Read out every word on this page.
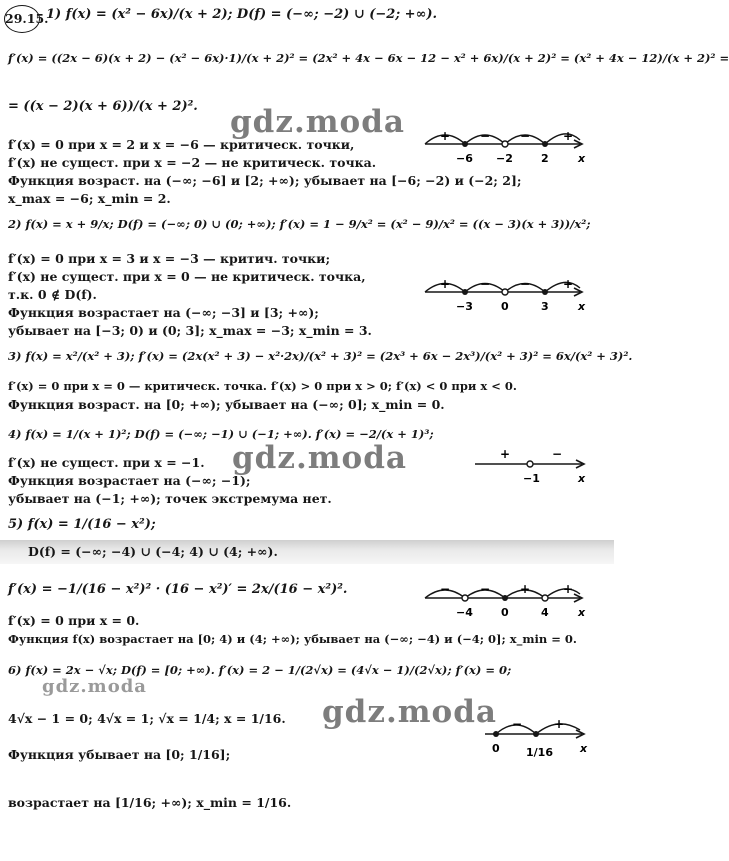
29.15.
1) f(x) = (x² − 6x)/(x + 2); D(f) = (−∞; −2) ∪ (−2; +∞).
f′(x) = ((2x − 6)(x + 2) − (x² − 6x)·1)/(x + 2)² = (2x² + 4x − 6x − 12 − x² + 6x)/(x + 2)² = (x² + 4x − 12)/(x + 2)² =
= ((x − 2)(x + 6))/(x + 2)².
f′(x) = 0 при x = 2 и x = −6 — критическ. точки,
f′(x) не сущест. при x = −2 — не критическ. точка.
Функция возраст. на (−∞; −6] и [2; +∞); убывает на [−6; −2) и (−2; 2];
x_max = −6; x_min = 2.
+ − −	+
−6 −2	2	x
2) f(x) = x + 9/x; D(f) = (−∞; 0) ∪ (0; +∞); f′(x) = 1 − 9/x² = (x² − 9)/x² = ((x − 3)(x + 3))/x²;
f′(x) = 0 при x = 3 и x = −3 — критич. точки;
f′(x) не сущест. при x = 0 — не критическ. точка,
т.к. 0 ∉ D(f).
Функция возрастает на (−∞; −3] и [3; +∞);
убывает на [−3; 0) и (0; 3]; x_max = −3; x_min = 3.
+ − −	+
−3	0	3	x
3) f(x) = x²/(x² + 3); f′(x) = (2x(x² + 3) − x²·2x)/(x² + 3)² = (2x³ + 6x − 2x³)/(x² + 3)² = 6x/(x² + 3)².
f′(x) = 0 при x = 0 — критическ. точка. f′(x) > 0 при x > 0; f′(x) < 0 при x < 0.
Функция возраст. на [0; +∞); убывает на (−∞; 0]; x_min = 0.
4) f(x) = 1/(x + 1)²; D(f) = (−∞; −1) ∪ (−1; +∞). f′(x) = −2/(x + 1)³;
f′(x) не сущест. при x = −1.
Функция возрастает на (−∞; −1);
убывает на (−1; +∞); точек экстремума нет.
+	−
−1	x
5) f(x) = 1/(16 − x²);
D(f) = (−∞; −4) ∪ (−4; 4) ∪ (4; +∞).
f′(x) = −1/(16 − x²)² · (16 − x²)′ = 2x/(16 − x²)².
f′(x) = 0 при x = 0.
Функция f(x) возрастает на [0; 4) и (4; +∞); убывает на (−∞; −4) и (−4; 0]; x_min = 0.
− − +	+
−4	0	4	x
6) f(x) = 2x − √x; D(f) = [0; +∞). f′(x) = 2 − 1/(2√x) = (4√x − 1)/(2√x); f′(x) = 0;
4√x − 1 = 0; 4√x = 1; √x = 1/4; x = 1/16.
Функция убывает на [0; 1/16];
возрастает на [1/16; +∞); x_min = 1/16.
−	+
0 1/16 x
gdz.moda
gdz.moda
gdz.moda
gdz.moda
